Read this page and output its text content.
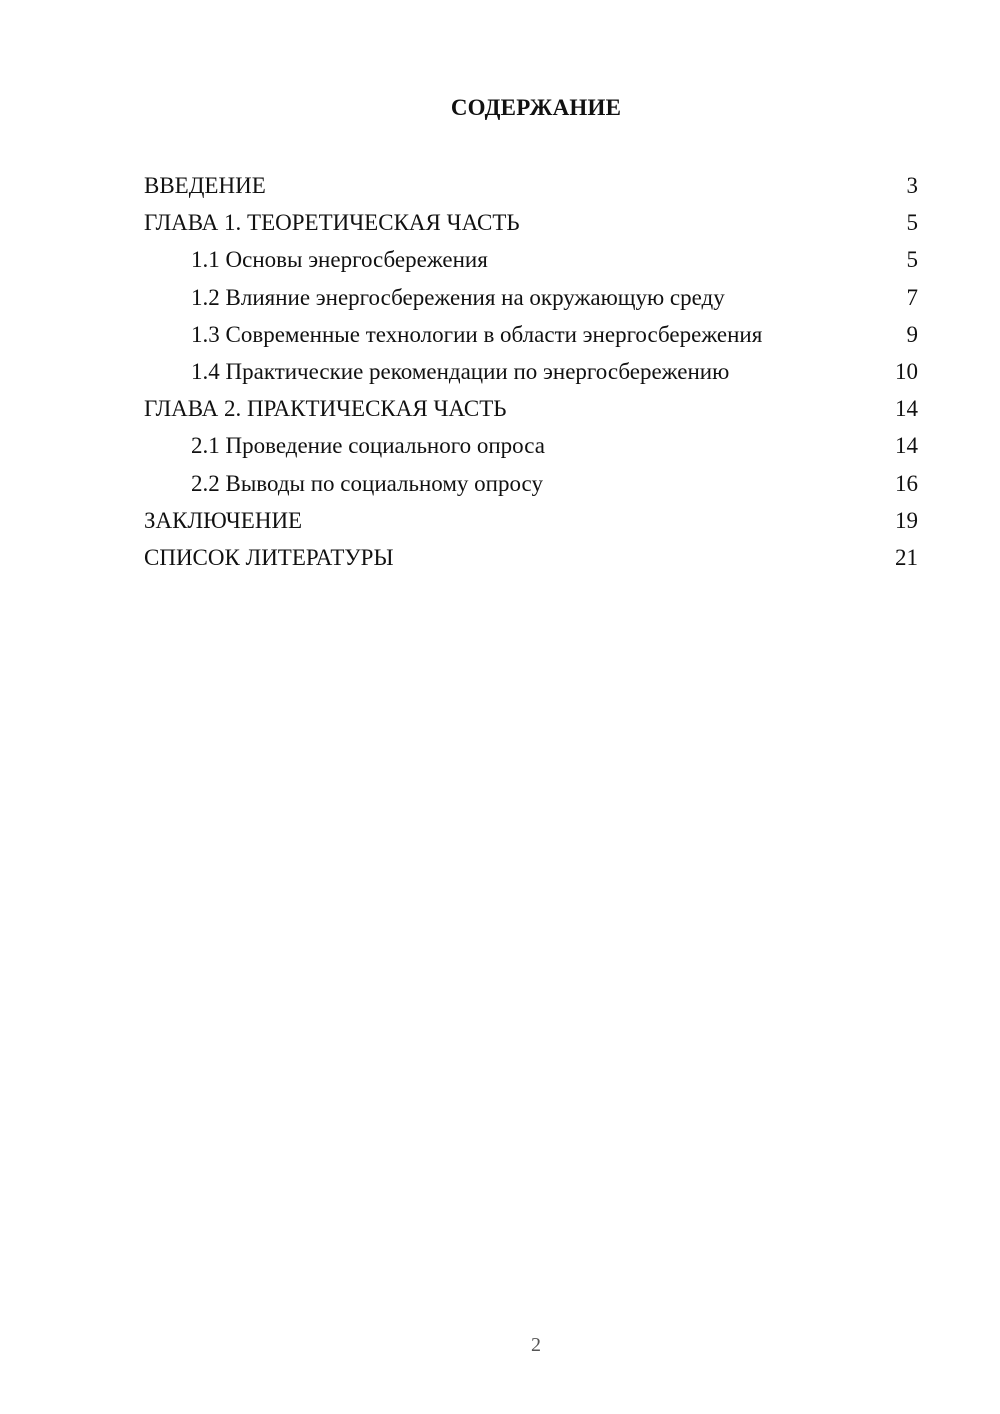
СОДЕРЖАНИЕ
ВВЕДЕНИЕ	3
ГЛАВА 1. ТЕОРЕТИЧЕСКАЯ ЧАСТЬ	5
1.1 Основы энергосбережения	5
1.2 Влияние энергосбережения на окружающую среду	7
1.3 Современные технологии в области энергосбережения	9
1.4 Практические рекомендации по энергосбережению	10
ГЛАВА 2. ПРАКТИЧЕСКАЯ ЧАСТЬ	14
2.1 Проведение социального опроса	14
2.2 Выводы по социальному опросу	16
ЗАКЛЮЧЕНИЕ	19
СПИСОК ЛИТЕРАТУРЫ	21
2
